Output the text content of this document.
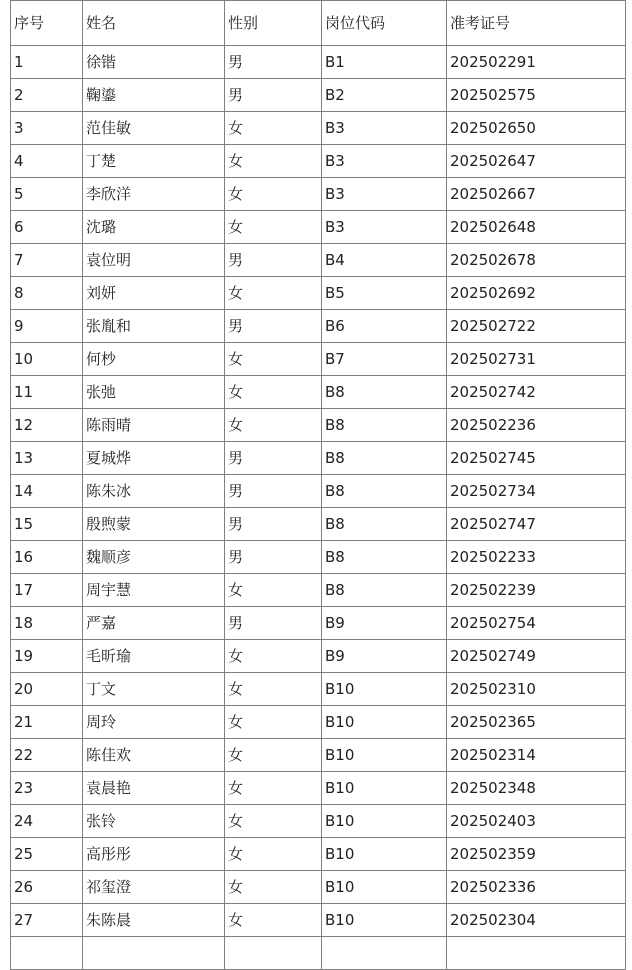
序号	姓名	性别	岗位代码	准考证号
1	徐锴	男	B1	202502291
2	鞠鎏	男	B2	202502575
3	范佳敏	女	B3	202502650
4	丁楚	女	B3	202502647
5	李欣洋	女	B3	202502667
6	沈璐	女	B3	202502648
7	袁位明	男	B4	202502678
8	刘妍	女	B5	202502692
9	张胤和	男	B6	202502722
10	何杪	女	B7	202502731
11	张弛	女	B8	202502742
12	陈雨晴	女	B8	202502236
13	夏城烨	男	B8	202502745
14	陈朱冰	男	B8	202502734
15	殷煦蒙	男	B8	202502747
16	魏顺彦	男	B8	202502233
17	周宇慧	女	B8	202502239
18	严嘉	男	B9	202502754
19	毛昕瑜	女	B9	202502749
20	丁文	女	B10	202502310
21	周玲	女	B10	202502365
22	陈佳欢	女	B10	202502314
23	袁晨艳	女	B10	202502348
24	张铃	女	B10	202502403
25	高彤彤	女	B10	202502359
26	祁玺澄	女	B10	202502336
27	朱陈晨	女	B10	202502304
